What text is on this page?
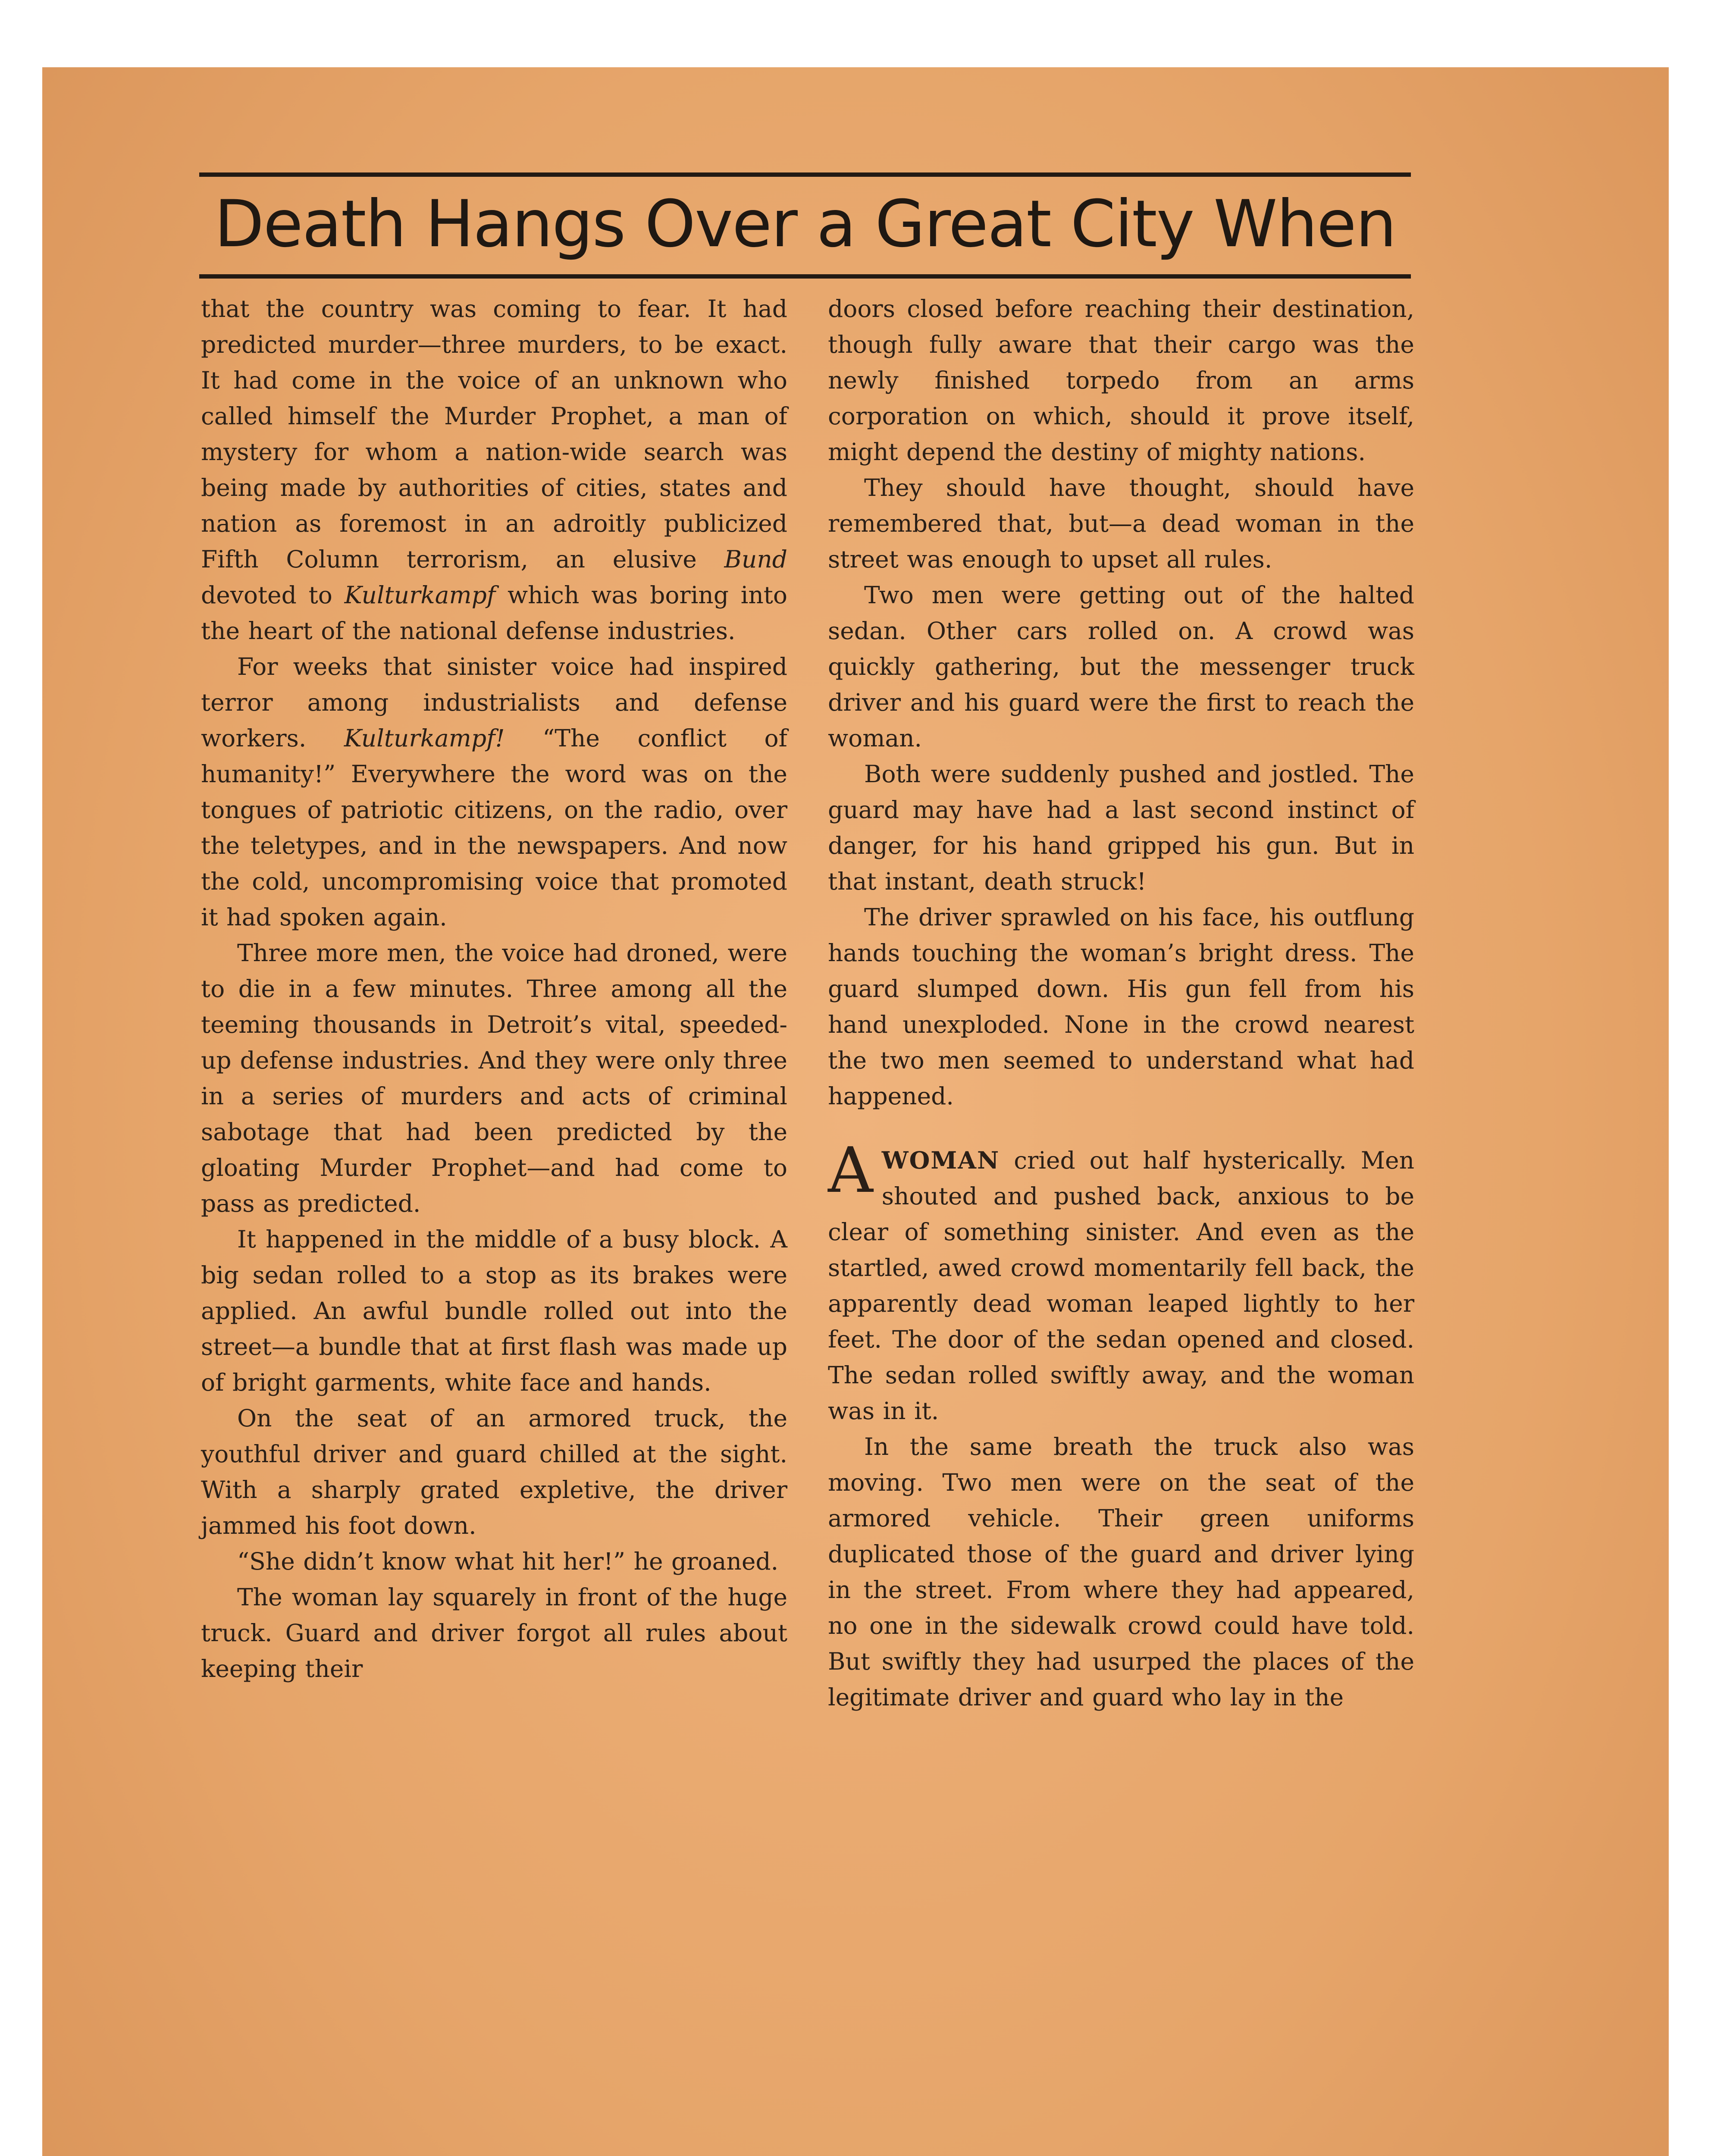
Death Hangs Over a Great City When

that the country was coming to fear. It had predicted murder—three murders, to be exact. It had come in the voice of an unknown who called himself the Murder Prophet, a man of mystery for whom a nation-wide search was being made by authorities of cities, states and nation as foremost in an adroitly publicized Fifth Column terrorism, an elusive Bund devoted to Kulturkampf which was boring into the heart of the national defense industries.

For weeks that sinister voice had inspired terror among industrialists and defense workers. Kulturkampf! “The conflict of humanity!” Everywhere the word was on the tongues of patriotic citizens, on the radio, over the teletypes, and in the newspapers. And now the cold, uncompromising voice that promoted it had spoken again.

Three more men, the voice had droned, were to die in a few minutes. Three among all the teeming thousands in Detroit’s vital, speeded-up defense industries. And they were only three in a series of murders and acts of criminal sabotage that had been predicted by the gloating Murder Prophet—and had come to pass as predicted.

It happened in the middle of a busy block. A big sedan rolled to a stop as its brakes were applied. An awful bundle rolled out into the street—a bundle that at first flash was made up of bright garments, white face and hands.

On the seat of an armored truck, the youthful driver and guard chilled at the sight. With a sharply grated expletive, the driver jammed his foot down.

“She didn’t know what hit her!” he groaned.

The woman lay squarely in front of the huge truck. Guard and driver forgot all rules about keeping their

doors closed before reaching their destination, though fully aware that their cargo was the newly finished torpedo from an arms corporation on which, should it prove itself, might depend the destiny of mighty nations.

They should have thought, should have remembered that, but—a dead woman in the street was enough to upset all rules.

Two men were getting out of the halted sedan. Other cars rolled on. A crowd was quickly gathering, but the messenger truck driver and his guard were the first to reach the woman.

Both were suddenly pushed and jostled. The guard may have had a last second instinct of danger, for his hand gripped his gun. But in that instant, death struck!

The driver sprawled on his face, his outflung hands touching the woman’s bright dress. The guard slumped down. His gun fell from his hand unexploded. None in the crowd nearest the two men seemed to understand what had happened.

AWOMAN cried out half hysterically. Men shouted and pushed back, anxious to be clear of something sinister. And even as the startled, awed crowd momentarily fell back, the apparently dead woman leaped lightly to her feet. The door of the sedan opened and closed. The sedan rolled swiftly away, and the woman was in it.

In the same breath the truck also was moving. Two men were on the seat of the armored vehicle. Their green uniforms duplicated those of the guard and driver lying in the street. From where they had appeared, no one in the sidewalk crowd could have told. But swiftly they had usurped the places of the legitimate driver and guard who lay in the
